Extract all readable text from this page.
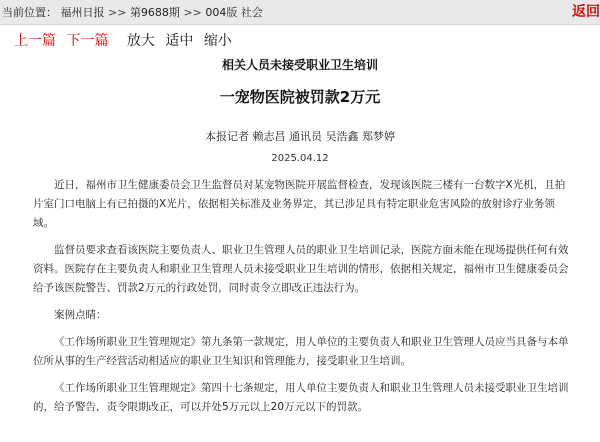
当前位置： 福州日报 >> 第9688期 >> 004版 社会	返回
上一篇 下一篇 放大 适中 缩小
相关人员未接受职业卫生培训
一宠物医院被罚款2万元
本报记者 赖志昌 通讯员 吴浩鑫 郑梦婷
2025.04.12

近日，福州市卫生健康委员会卫生监督员对某宠物医院开展监督检查，发现该医院三楼有一台数字X光机，且拍片室门口电脑上有已拍摄的X光片，依据相关标准及业务界定，其已涉足具有特定职业危害风险的放射诊疗业务领域。

监督员要求查看该医院主要负责人、职业卫生管理人员的职业卫生培训记录，医院方面未能在现场提供任何有效资料。医院存在主要负责人和职业卫生管理人员未接受职业卫生培训的情形，依据相关规定，福州市卫生健康委员会给予该医院警告、罚款2万元的行政处罚，同时责令立即改正违法行为。

案例点睛：

《工作场所职业卫生管理规定》第九条第一款规定，用人单位的主要负责人和职业卫生管理人员应当具备与本单位所从事的生产经营活动相适应的职业卫生知识和管理能力，接受职业卫生培训。

《工作场所职业卫生管理规定》第四十七条规定，用人单位主要负责人和职业卫生管理人员未接受职业卫生培训的，给予警告，责令限期改正，可以并处5万元以上20万元以下的罚款。
